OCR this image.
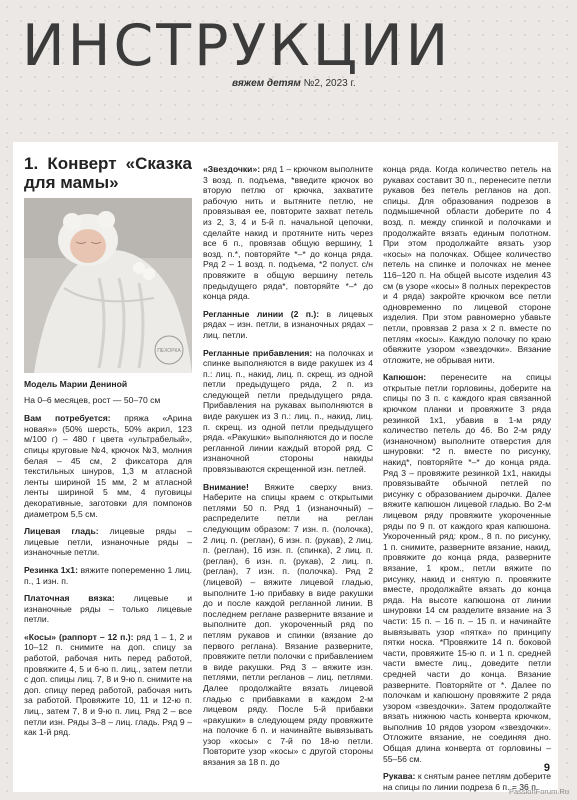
ИНСТРУКЦИИ
вяжем детям №2, 2023 г.
1. Конверт «Сказка для мамы»
Модель Марии Дениной
На 0–6 месяцев, рост — 50–70 см

Вам потребуется: пряжа «Арина новая»» (50% шерсть, 50% акрил, 123 м/100 г) – 480 г цвета «ультрабелый», спицы круговые №4, крючок №3, молния белая – 45 см, 2 фиксатора для текстильных шнуров, 1,3 м атласной ленты шириной 15 мм, 2 м атласной ленты шириной 5 мм, 4 пуговицы декоративные, заготовки для помпонов диаметром 5,5 см.

Лицевая гладь: лицевые ряды – лицевые петли, изнаночные ряды – изнаночные петли.

Резинка 1х1: вяжите попеременно 1 лиц. п., 1 изн. п.

Платочная вязка: лицевые и изнаночные ряды – только лицевые петли.

«Косы» (раппорт – 12 п.): ряд 1 – 1, 2 и 10–12 п. снимите на доп. спицу за работой, рабочая нить перед работой, провяжите 4, 5 и 6-ю п. лиц., затем петли с доп. спицы лиц. 7, 8 и 9-ю п. снимите на доп. спицу перед работой, рабочая нить за работой. Провяжите 10, 11 и 12-ю п. лиц., затем 7, 8 и 9-ю п. лиц. Ряд 2 – все петли изн. Ряды 3–8 – лиц. гладь. Ряд 9 – как 1-й ряд.

ПЕХОРКА

«Звездочки»: ряд 1 – крючком выполните 3 возд. п. подъема, *введите крючок во вторую петлю от крючка, захватите рабочую нить и вытяните петлю, не провязывая ее, повторите захват петель из 2, 3, 4 и 5-й п. начальной цепочки, сделайте накид и протяните нить через все 6 п., провязав общую вершину, 1 возд. п.*, повторяйте *–* до конца ряда. Ряд 2 – 1 возд. п. подъема, *2 полуст. с/н провяжите в общую вершину петель предыдущего ряда*, повторяйте *–* до конца ряда.

Регланные линии (2 п.): в лицевых рядах – изн. петли, в изнаночных рядах – лиц. петли.

Регланные прибавления: на полочках и спинке выполняются в виде ракушек из 4 п.: лиц. п., накид, лиц. п. скрещ. из одной петли предыдущего ряда, 2 п. из следующей петли предыдущего ряда. Прибавления на рукавах выполняются в виде ракушек из 3 п.: лиц. п., накид, лиц. п. скрещ. из одной петли предыдущего ряда. «Ракушки» выполняются до и после регланной линии каждый второй ряд. С изнаночной стороны накиды провязываются скрещенной изн. петлей.

Внимание! Вяжите сверху вниз. Наберите на спицы краем с открытыми петлями 50 п. Ряд 1 (изнаночный) – распределите петли на реглан следующим образом: 7 изн. п. (полочка), 2 лиц. п. (реглан), 6 изн. п. (рукав), 2 лиц. п. (реглан), 16 изн. п. (спинка), 2 лиц. п. (реглан), 6 изн. п. (рукав), 2 лиц. п. (реглан), 7 изн. п. (полочка). Ряд 2 (лицевой) – вяжите лицевой гладью, выполните 1-ю прибавку в виде ракушки до и после каждой регланной линии. В последнем реглане разверните вязание и выполните доп. укороченный ряд по петлям рукавов и спинки (вязание до первого реглана). Вязание разверните, провяжите петли полочки с прибавлением в виде ракушки. Ряд 3 – вяжите изн. петлями, петли регланов – лиц. петлями. Далее продолжайте вязать лицевой гладью с прибавками в каждом 2-м лицевом ряду. После 5-й прибавки «ракушки» в следующем ряду провяжите на полочке 6 п. и начинайте вывязывать узор «косы» с 7-й по 18-ю петли. Повторите узор «косы» с другой стороны вязания за 18 п. до

конца ряда. Когда количество петель на рукавах составит 30 п., перенесите петли рукавов без петель регланов на доп. спицы. Для образования подрезов в подмышечной области доберите по 4 возд. п. между спинкой и полочками и продолжайте вязать единым полотном. При этом продолжайте вязать узор «косы» на полочках. Общее количество петель на спинке и полочках не менее 116–120 п. На общей высоте изделия 43 см (в узоре «косы» 8 полных перекрестов и 4 ряда) закройте крючком все петли одновременно по лицевой стороне изделия. При этом равномерно убавьте петли, провязав 2 раза х 2 п. вместе по петлям «косы». Каждую полочку по краю обвяжите узором «звездочки». Вязание отложите, не обрывая нити.

Капюшон: перенесите на спицы открытые петли горловины, доберите на спицы по 3 п. с каждого края связанной крючком планки и провяжите 3 ряда резинкой 1х1, убавив в 1-м ряду количество петель до 46. Во 2-м ряду (изнаночном) выполните отверстия для шнуровки: *2 п. вместе по рисунку, накид*, повторяйте *–* до конца ряда. Ряд 3 – провяжите резинкой 1х1, накиды провязывайте обычной петлей по рисунку с образованием дырочки. Далее вяжите капюшон лицевой гладью. Во 2-м лицевом ряду провяжите укороченные ряды по 9 п. от каждого края капюшона. Укороченный ряд: кром., 8 п. по рисунку, 1 п. снимите, разверните вязание, накид, провяжите до конца ряда, разверните вязание, 1 кром., петли вяжите по рисунку, накид и снятую п. провяжите вместе, продолжайте вязать до конца ряда. На высоте капюшона от линии шнуровки 14 см разделите вязание на 3 части: 15 п. – 16 п. – 15 п. и начинайте вывязывать узор «пятка» по принципу пятки носка. *Провяжите 14 п. боковой части, провяжите 15-ю п. и 1 п. средней части вместе лиц., доведите петли средней части до конца. Вязание разверните. Повторяйте от *. Далее по полочкам и капюшону провяжите 2 ряда узором «звездочки». Затем продолжайте вязать нижнюю часть конверта крючком, выполнив 10 рядов узором «звездочки». Отложите вязание, не соединяя дно. Общая длина конверта от горловины – 55–56 см.

Рукава: к снятым ранее петлям доберите на спицы по линии подреза 6 п. = 36 п.

9
PassionForum.Ru
